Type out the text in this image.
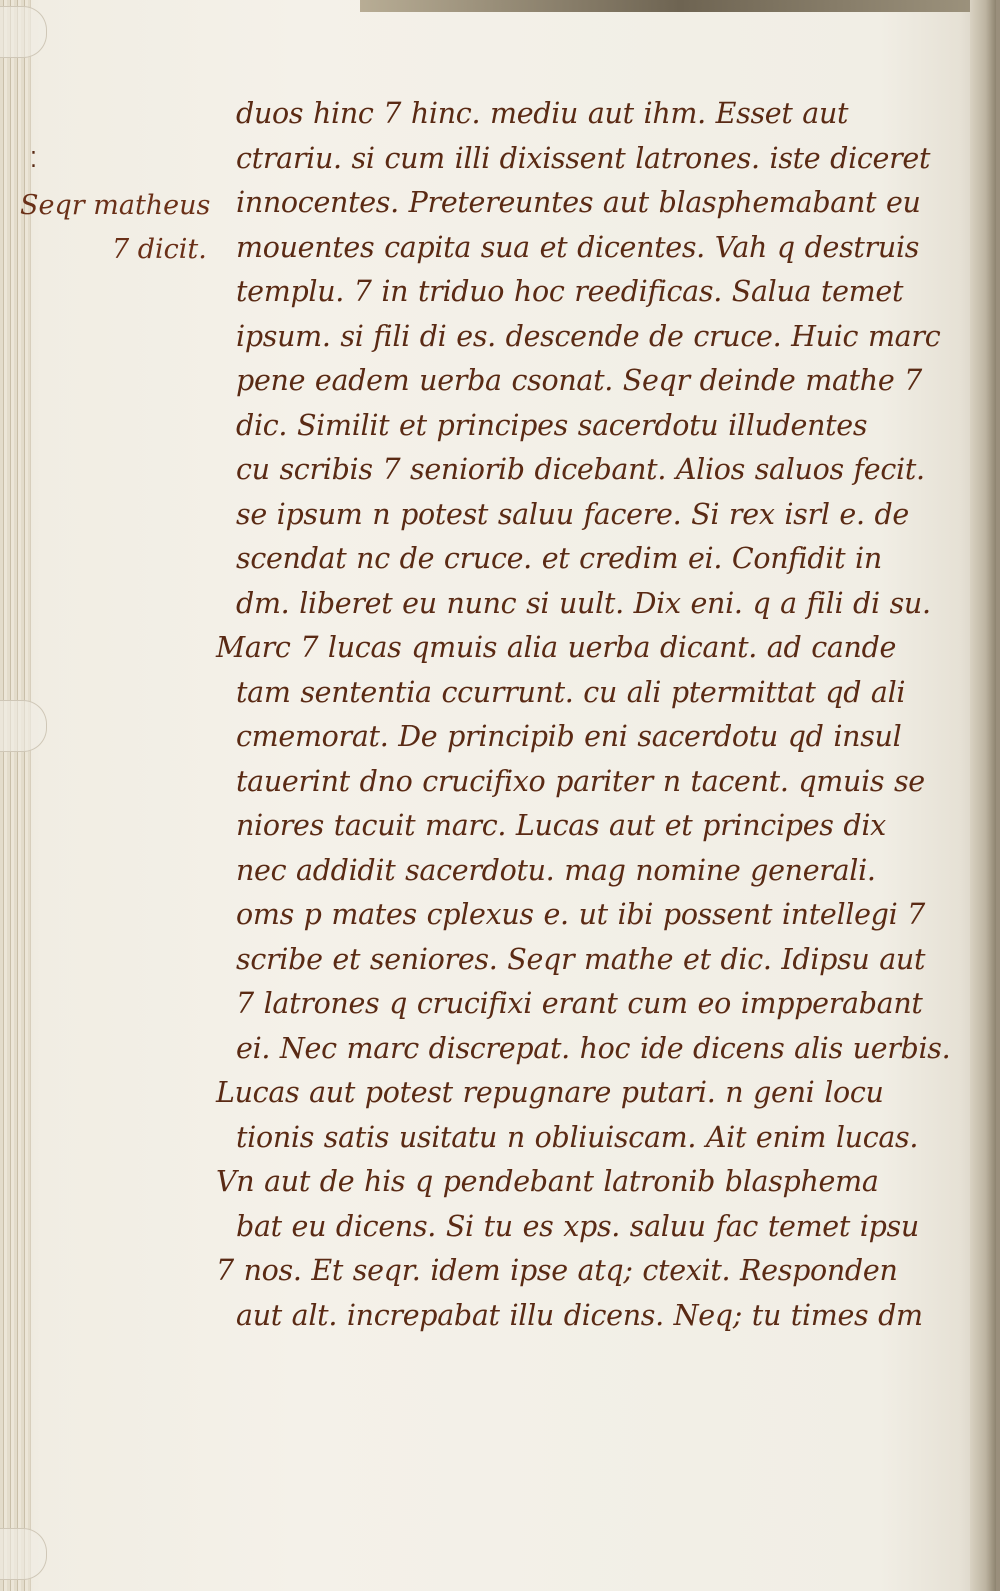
⁚
Seqr matheus
7 dicit.
duos hinc 7 hinc. mediu aut ihm. Esset aut
ctrariu. si cum illi dixissent latrones. iste diceret
innocentes. Pretereuntes aut blasphemabant eu
mouentes capita sua et dicentes. Vah q destruis
templu. 7 in triduo hoc reedificas. Salua temet
ipsum. si fili di es. descende de cruce. Huic marc
pene eadem uerba csonat. Seqr deinde mathe 7
dic. Similit et principes sacerdotu illudentes
cu scribis 7 seniorib dicebant. Alios saluos fecit.
se ipsum n potest saluu facere. Si rex isrl e. de
scendat nc de cruce. et credim ei. Confidit in
dm. liberet eu nunc si uult. Dix eni. q a fili di su.
Marc 7 lucas qmuis alia uerba dicant. ad cande
tam sententia ccurrunt. cu ali ptermittat qd ali
cmemorat. De principib eni sacerdotu qd insul
tauerint dno crucifixo pariter n tacent. qmuis se
niores tacuit marc. Lucas aut et principes dix
nec addidit sacerdotu. mag nomine generali.
oms p mates cplexus e. ut ibi possent intellegi 7
scribe et seniores. Seqr mathe et dic. Idipsu aut
7 latrones q crucifixi erant cum eo impperabant
ei. Nec marc discrepat. hoc ide dicens alis uerbis.
Lucas aut potest repugnare putari. n geni locu
tionis satis usitatu n obliuiscam. Ait enim lucas.
Vn aut de his q pendebant latronib blasphema
bat eu dicens. Si tu es xps. saluu fac temet ipsu
7 nos. Et seqr. idem ipse atq; ctexit. Responden
aut alt. increpabat illu dicens. Neq; tu times dm
